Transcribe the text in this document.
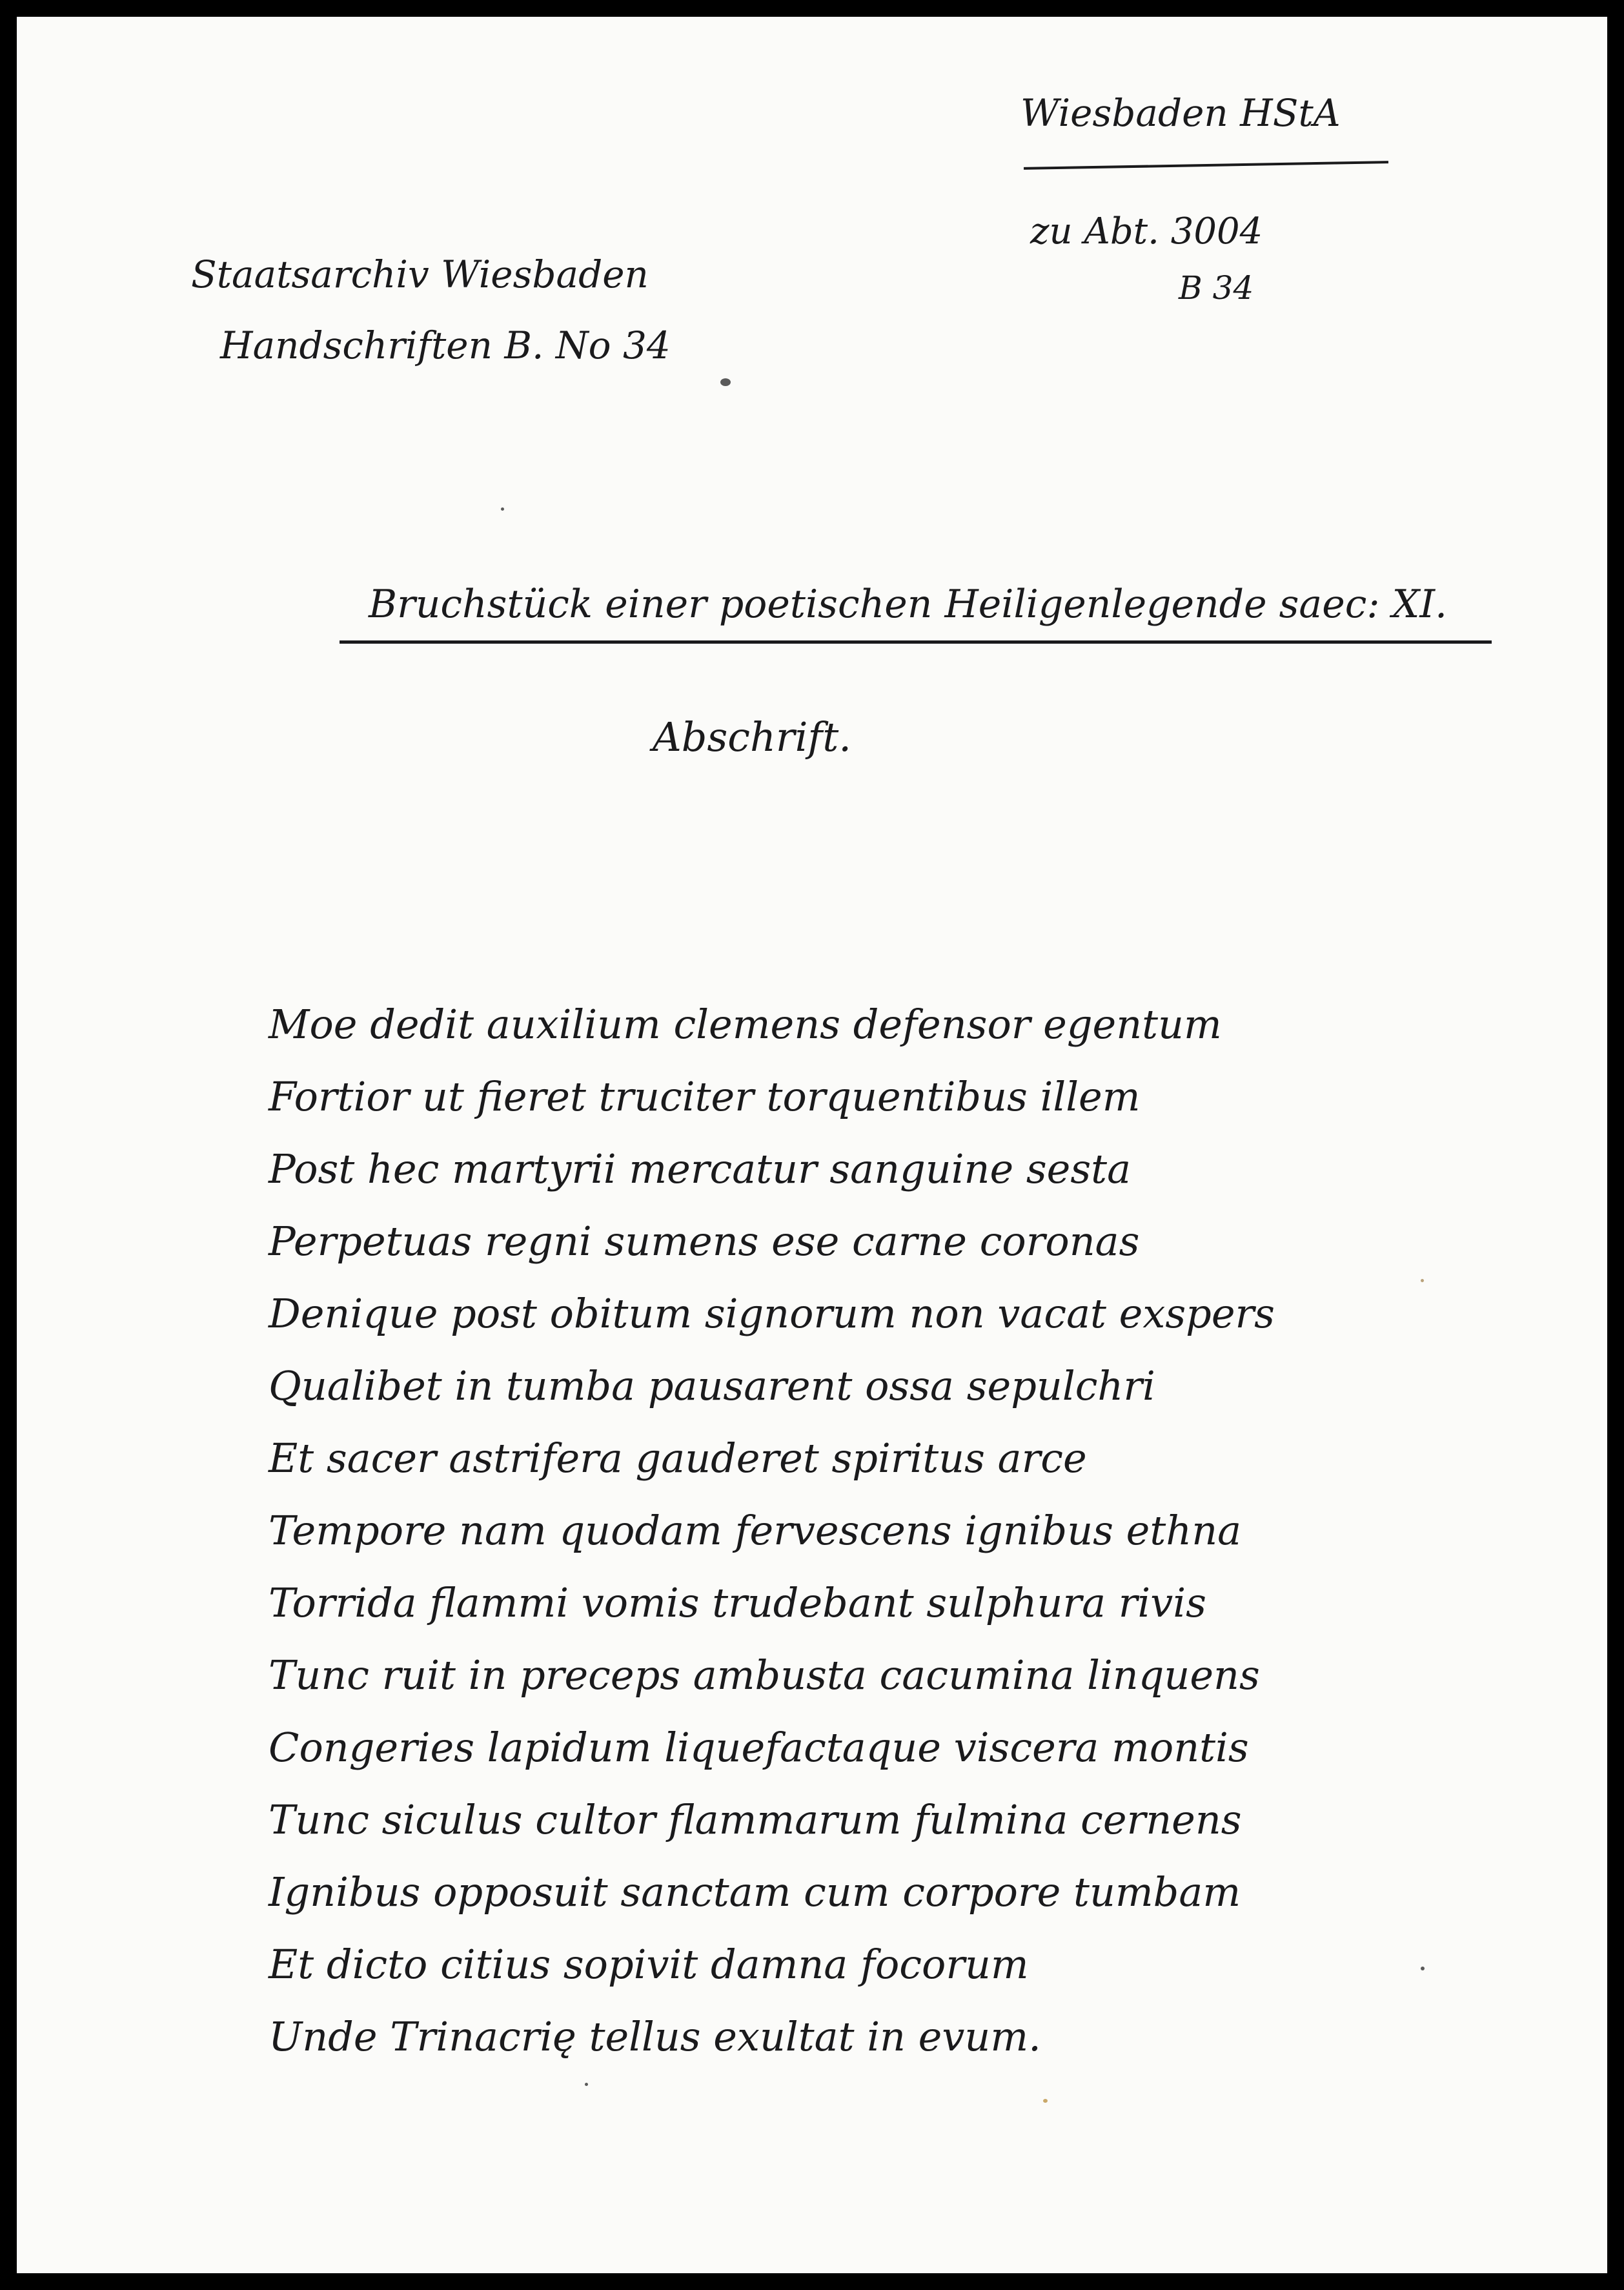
Wiesbaden HStA
zu Abt. 3004
B 34
Staatsarchiv Wiesbaden
Handschriften B. No 34
Bruchstück einer poetischen Heiligenlegende saec: XI.
Abschrift.
Moe dedit auxilium clemens defensor egentum
Fortior ut fieret truciter torquentibus illem
Post hec martyrii mercatur sanguine sesta
Perpetuas regni sumens ese carne coronas
Denique post obitum signorum non vacat exspers
Qualibet in tumba pausarent ossa sepulchri
Et sacer astrifera gauderet spiritus arce
Tempore nam quodam fervescens ignibus ethna
Torrida flammi vomis trudebant sulphura rivis
Tunc ruit in preceps ambusta cacumina linquens
Congeries lapidum liquefactaque viscera montis
Tunc siculus cultor flammarum fulmina cernens
Ignibus opposuit sanctam cum corpore tumbam
Et dicto citius sopivit damna focorum
Unde Trinacrię tellus exultat in evum.
